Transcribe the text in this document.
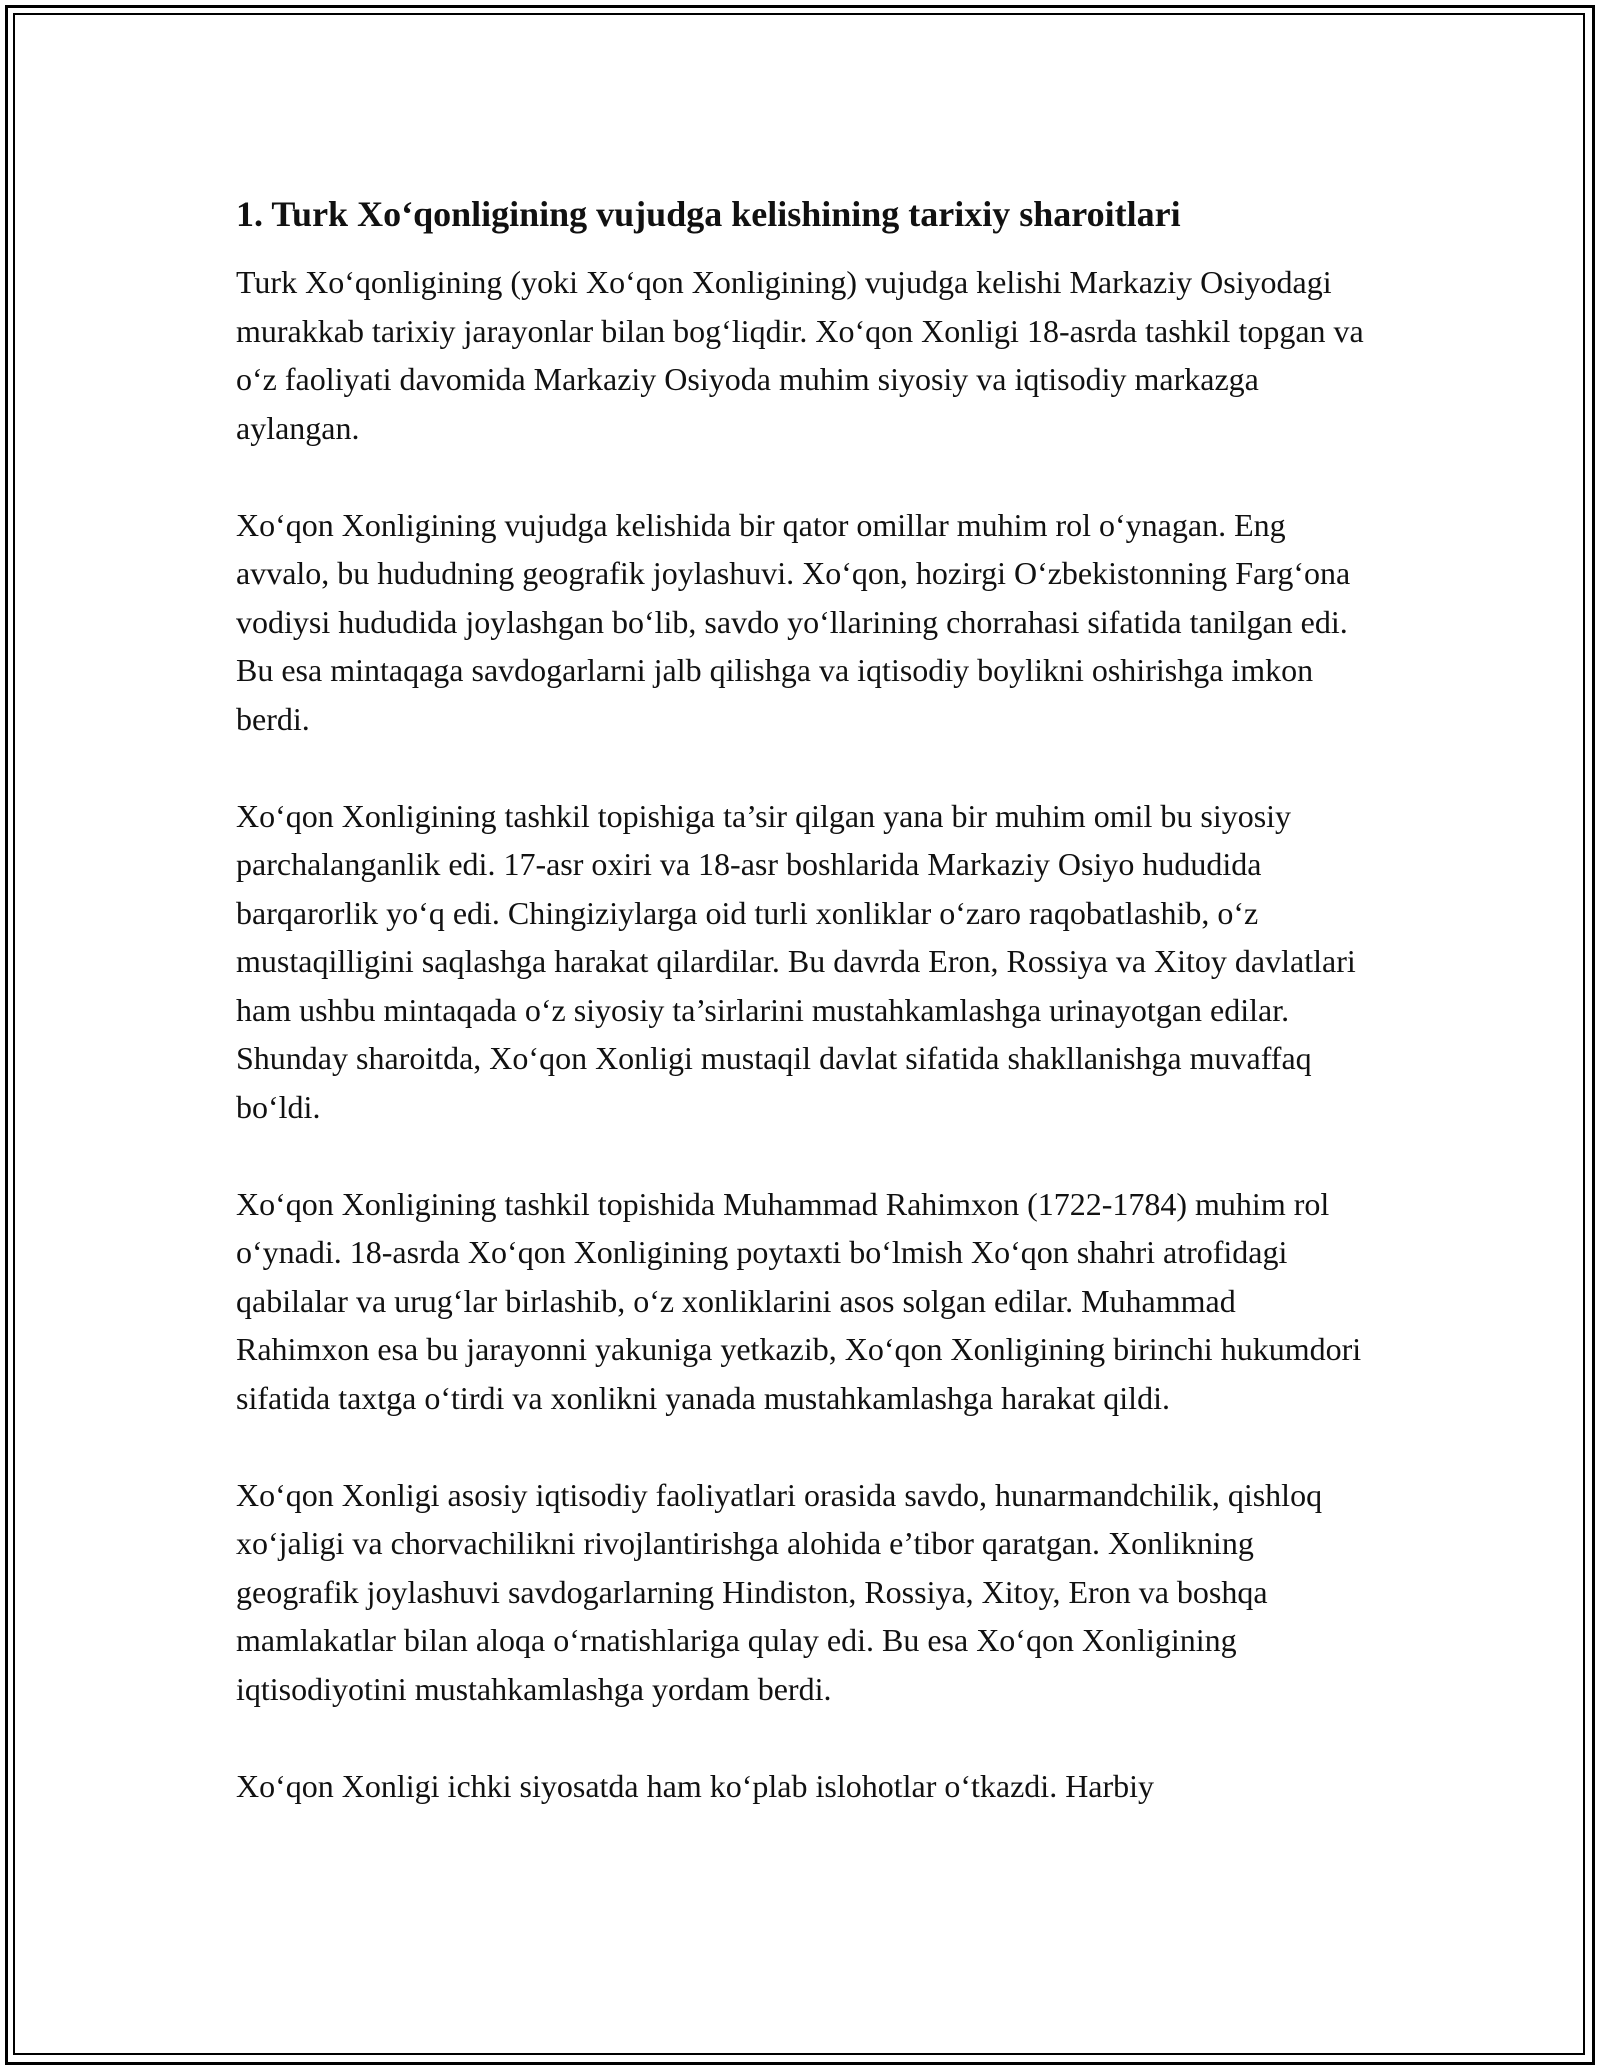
1. Turk Xo‘qonligining vujudga kelishining tarixiy sharoitlari

Turk Xo‘qonligining (yoki Xo‘qon Xonligining) vujudga kelishi Markaziy Osiyodagi murakkab tarixiy jarayonlar bilan bog‘liqdir. Xo‘qon Xonligi 18-asrda tashkil topgan va o‘z faoliyati davomida Markaziy Osiyoda muhim siyosiy va iqtisodiy markazga aylangan.

Xo‘qon Xonligining vujudga kelishida bir qator omillar muhim rol o‘ynagan. Eng avvalo, bu hududning geografik joylashuvi. Xo‘qon, hozirgi O‘zbekistonning Farg‘ona vodiysi hududida joylashgan bo‘lib, savdo yo‘llarining chorrahasi sifatida tanilgan edi. Bu esa mintaqaga savdogarlarni jalb qilishga va iqtisodiy boylikni oshirishga imkon berdi.

Xo‘qon Xonligining tashkil topishiga ta’sir qilgan yana bir muhim omil bu siyosiy parchalanganlik edi. 17-asr oxiri va 18-asr boshlarida Markaziy Osiyo hududida barqarorlik yo‘q edi. Chingiziylarga oid turli xonliklar o‘zaro raqobatlashib, o‘z mustaqilligini saqlashga harakat qilardilar. Bu davrda Eron, Rossiya va Xitoy davlatlari ham ushbu mintaqada o‘z siyosiy ta’sirlarini mustahkamlashga urinayotgan edilar. Shunday sharoitda, Xo‘qon Xonligi mustaqil davlat sifatida shakllanishga muvaffaq bo‘ldi.

Xo‘qon Xonligining tashkil topishida Muhammad Rahimxon (1722-1784) muhim rol o‘ynadi. 18-asrda Xo‘qon Xonligining poytaxti bo‘lmish Xo‘qon shahri atrofidagi qabilalar va urug‘lar birlashib, o‘z xonliklarini asos solgan edilar. Muhammad Rahimxon esa bu jarayonni yakuniga yetkazib, Xo‘qon Xonligining birinchi hukumdori sifatida taxtga o‘tirdi va xonlikni yanada mustahkamlashga harakat qildi.

Xo‘qon Xonligi asosiy iqtisodiy faoliyatlari orasida savdo, hunarmandchilik, qishloq xo‘jaligi va chorvachilikni rivojlantirishga alohida e’tibor qaratgan. Xonlikning geografik joylashuvi savdogarlarning Hindiston, Rossiya, Xitoy, Eron va boshqa mamlakatlar bilan aloqa o‘rnatishlariga qulay edi. Bu esa Xo‘qon Xonligining iqtisodiyotini mustahkamlashga yordam berdi.

Xo‘qon Xonligi ichki siyosatda ham ko‘plab islohotlar o‘tkazdi. Harbiy
